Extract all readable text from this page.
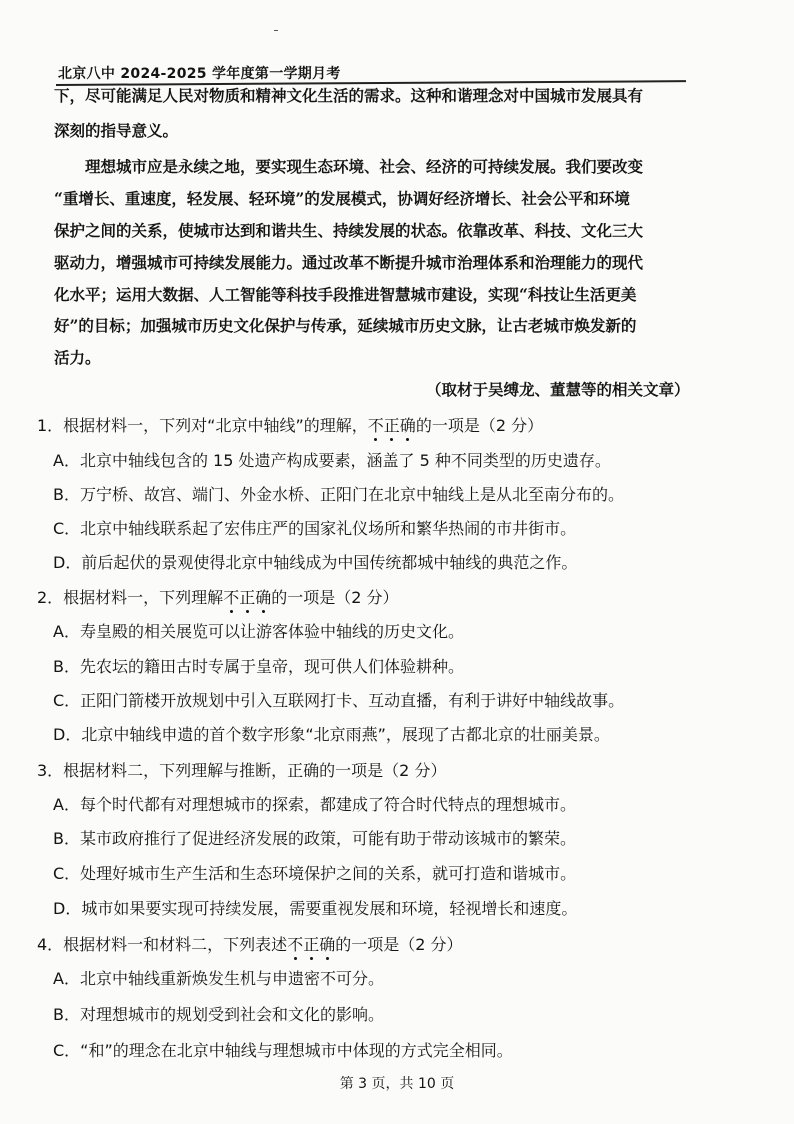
北京八中 2024-2025 学年度第一学期月考
下，尽可能满足人民对物质和精神文化生活的需求。这种和谐理念对中国城市发展具有
深刻的指导意义。
　　理想城市应是永续之地，要实现生态环境、社会、经济的可持续发展。我们要改变
“重增长、重速度，轻发展、轻环境”的发展模式，协调好经济增长、社会公平和环境
保护之间的关系，使城市达到和谐共生、持续发展的状态。依靠改革、科技、文化三大
驱动力，增强城市可持续发展能力。通过改革不断提升城市治理体系和治理能力的现代
化水平；运用大数据、人工智能等科技手段推进智慧城市建设，实现“科技让生活更美
好”的目标；加强城市历史文化保护与传承，延续城市历史文脉，让古老城市焕发新的
活力。
（取材于吴缚龙、董慧等的相关文章）
1．根据材料一，下列对“北京中轴线”的理解，不正确的一项是（2 分）
A．北京中轴线包含的 15 处遗产构成要素，涵盖了 5 种不同类型的历史遗存。
B．万宁桥、故宫、端门、外金水桥、正阳门在北京中轴线上是从北至南分布的。
C．北京中轴线联系起了宏伟庄严的国家礼仪场所和繁华热闹的市井街市。
D．前后起伏的景观使得北京中轴线成为中国传统都城中轴线的典范之作。
2．根据材料一，下列理解不正确的一项是（2 分）
A．寿皇殿的相关展览可以让游客体验中轴线的历史文化。
B．先农坛的籍田古时专属于皇帝，现可供人们体验耕种。
C．正阳门箭楼开放规划中引入互联网打卡、互动直播，有利于讲好中轴线故事。
D．北京中轴线申遗的首个数字形象“北京雨燕”，展现了古都北京的壮丽美景。
3．根据材料二，下列理解与推断，正确的一项是（2 分）
A．每个时代都有对理想城市的探索，都建成了符合时代特点的理想城市。
B．某市政府推行了促进经济发展的政策，可能有助于带动该城市的繁荣。
C．处理好城市生产生活和生态环境保护之间的关系，就可打造和谐城市。
D．城市如果要实现可持续发展，需要重视发展和环境，轻视增长和速度。
4．根据材料一和材料二，下列表述不正确的一项是（2 分）
A．北京中轴线重新焕发生机与申遗密不可分。
B．对理想城市的规划受到社会和文化的影响。
C．“和”的理念在北京中轴线与理想城市中体现的方式完全相同。
第 3 页，共 10 页
